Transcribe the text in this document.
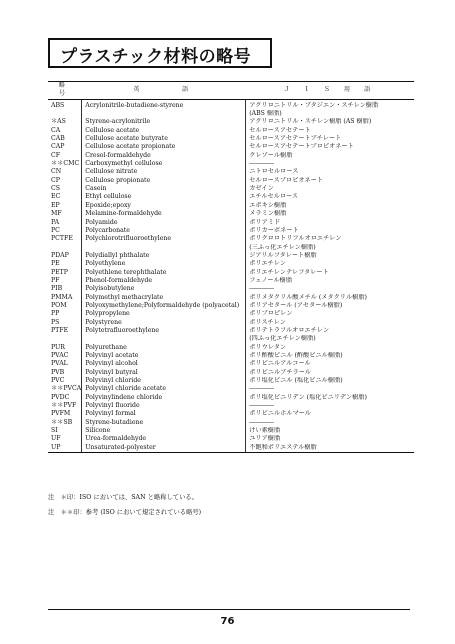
プラスチック材料の略号
略　号	英　　　語	Ｊ Ｉ Ｓ 用 語
ABS	Acrylonitrile-butadiene-styrene	アクリロニトリル・ブタジエン・スチレン樹脂
		(ABS 樹脂)
＊AS	Styrene-acrylonitrile	アクリロニトリル・スチレン樹脂 (AS 樹脂)
CA	Cellulose acetate	セルロースアセテート
CAB	Cellulose acetate butyrate	セルロースアセテートブチレート
CAP	Cellulose acetate propionate	セルロースアセテートプロピオネート
CF	Cresol-formaldehyde	クレゾール樹脂
＊＊CMC	Carboxymethyl cellulose	――――
CN	Cellulose nitrate	ニトロセルロース
CP	Cellulose propionate	セルロースプロピオネート
CS	Casein	カゼイン
EC	Ethyl cellulose	エチルセルロース
EP	Epoxide;epoxy	エポキシ樹脂
MF	Melamine-formaldehyde	メラミン樹脂
PA	Polyamide	ポリアミド
PC	Polycarbonate	ポリカーボネート
PCTFE	Polychlorotrifluoroethylene	ポリクロロトリフルオロエチレン
		(三ふっ化エチレン樹脂)
PDAP	Polydiallyl phthalate	ジアリルフタレート樹脂
PE	Polyethylene	ポリエチレン
PETP	Polyethlene terephthalate	ポリエチレンテレフタレート
PF	Phenol-formaldehyde	フェノール樹脂
PIB	Polyisobutylene	――――
PMMA	Polymethyl methacrylate	ポリメタクリル酸メチル (メタクリル樹脂)
POM	Polyoxymethylene;Polyformaldehyde (polyacetal)	ポリアセタール (アセタール樹脂)
PP	Polypropylene	ポリプロピレン
PS	Polystyrene	ポリスチレン
PTFE	Polytetrafluoroethylene	ポリテトラフルオロエチレン
		(四ふっ化エチレン樹脂)
PUR	Polyurethane	ポリウレタン
PVAC	Polyvinyl acetate	ポリ酢酸ビニル (酢酸ビニル樹脂)
PVAL	Polyvinyl alcohol	ポリビニルアルコール
PVB	Polyvinyl butyral	ポリビニルブチラール
PVC	Polyvinyl chloride	ポリ塩化ビニル (塩化ビニル樹脂)
＊＊PVCA	Polyvinyl chloride acetate	――――
PVDC	Polyvinylindene chloride	ポリ塩化ビニリデン (塩化ビニリデン樹脂)
＊＊PVF	Polyvinyl fluoride	――――
PVFM	Polyvinyl formal	ポリビニルホルマール
＊＊SB	Styrene-butadiene	――――
SI	Silicone	けい素樹脂
UF	Urea-formaldehyde	ユリア樹脂
UP	Unsaturated-polyester	不飽和ポリエステル樹脂
注　＊印：ISO においては、SAN と略称している。
注　＊＊印：参考 (ISO において規定されている略号)
76
